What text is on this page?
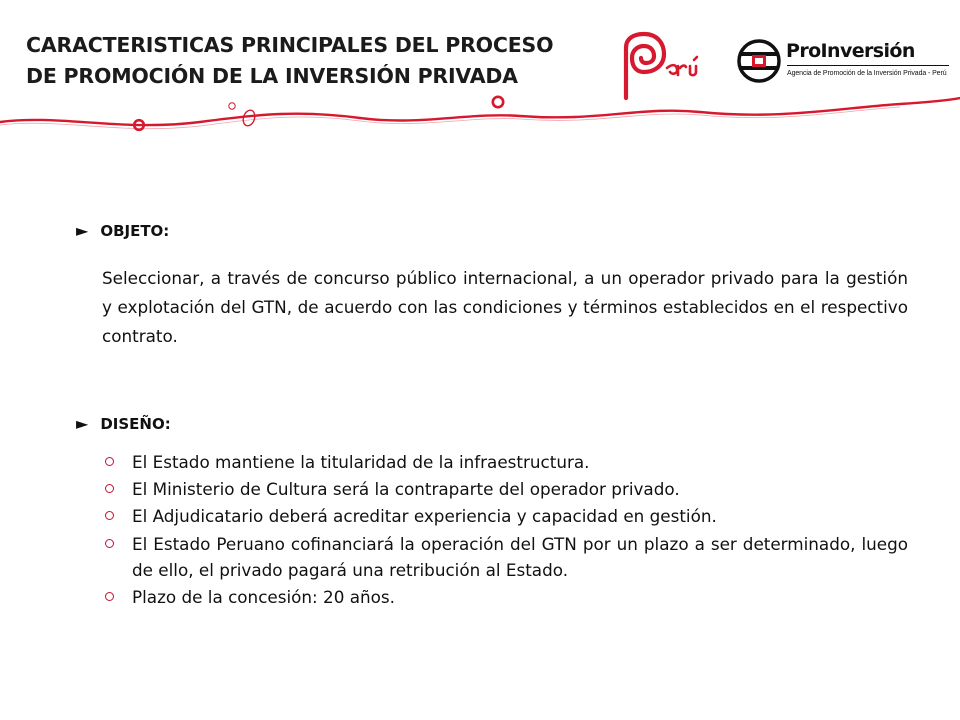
CARACTERISTICAS PRINCIPALES DEL PROCESO
DE PROMOCIÓN DE LA INVERSIÓN PRIVADA
ProInversión
Agencia de Promoción de la Inversión Privada - Perú
► OBJETO:
Seleccionar, a través de concurso público internacional, a un operador privado para la gestión y explotación del GTN, de acuerdo con las condiciones y términos establecidos en el respectivo contrato.
► DISEÑO:
El Estado mantiene la titularidad de la infraestructura.
El Ministerio de Cultura será la contraparte del operador privado.
El Adjudicatario deberá acreditar experiencia y capacidad en gestión.
El Estado Peruano cofinanciará la operación del GTN por un plazo a ser determinado, luego de ello, el privado pagará una retribución al Estado.
Plazo de la concesión: 20 años.
